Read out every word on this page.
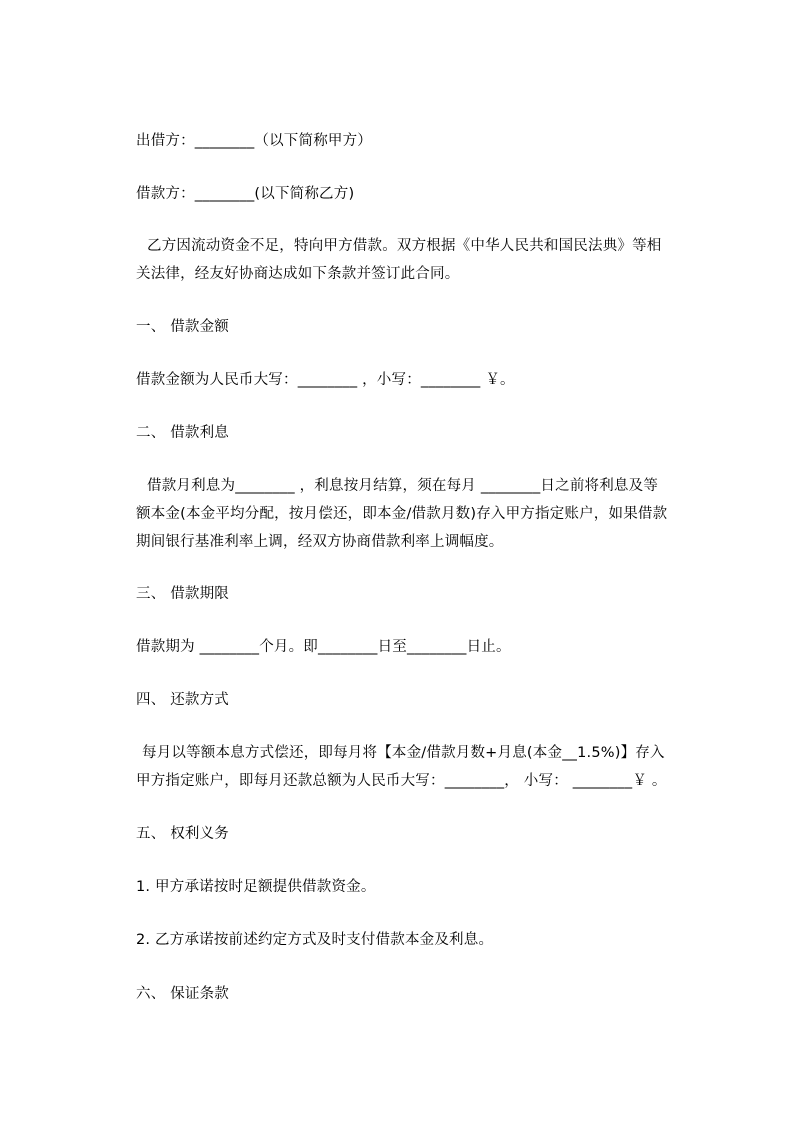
出借方：________（以下简称甲方）
借款方：________(以下简称乙方)
乙方因流动资金不足，特向甲方借款。双方根据《中华人民共和国民法典》等相
关法律，经友好协商达成如下条款并签订此合同。
一、 借款金额
借款金额为人民币大写：________ ，小写：________ ￥。
二、 借款利息
借款月利息为________ ，利息按月结算，须在每月 ________日之前将利息及等
额本金(本金平均分配，按月偿还，即本金/借款月数)存入甲方指定账户，如果借款
期间银行基准利率上调，经双方协商借款利率上调幅度。
三、 借款期限
借款期为 ________个月。即________日至________日止。
四、 还款方式
每月以等额本息方式偿还，即每月将【本金/借款月数+月息(本金__1.5%)】存入
甲方指定账户，即每月还款总额为人民币大写：________， 小写： ________￥ 。
五、 权利义务
1. 甲方承诺按时足额提供借款资金。
2. 乙方承诺按前述约定方式及时支付借款本金及利息。
六、 保证条款
